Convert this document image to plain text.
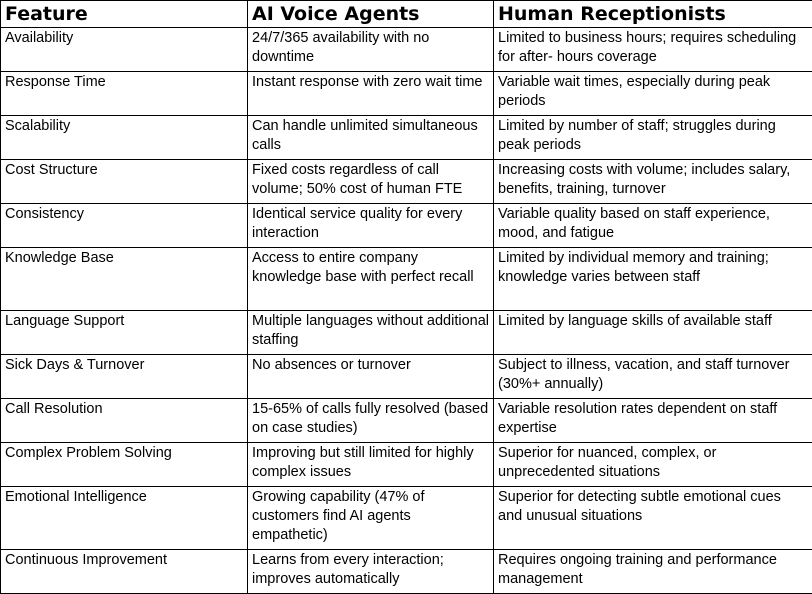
Feature	AI Voice Agents	Human Receptionists
Availability	24/7/365 availability with no downtime	Limited to business hours; requires scheduling for after- hours coverage
Response Time	Instant response with zero wait time	Variable wait times, especially during peak periods
Scalability	Can handle unlimited simultaneous calls	Limited by number of staff; struggles during peak periods
Cost Structure	Fixed costs regardless of call volume; 50% cost of human FTE	Increasing costs with volume; includes salary, benefits, training, turnover
Consistency	Identical service quality for every interaction	Variable quality based on staff experience, mood, and fatigue
Knowledge Base	Access to entire company knowledge base with perfect recall	Limited by individual memory and training; knowledge varies between staff
Language Support	Multiple languages without additional staffing	Limited by language skills of available staff
Sick Days & Turnover	No absences or turnover	Subject to illness, vacation, and staff turnover (30%+ annually)
Call Resolution	15-65% of calls fully resolved (based on case studies)	Variable resolution rates dependent on staff expertise
Complex Problem Solving	Improving but still limited for highly complex issues	Superior for nuanced, complex, or unprecedented situations
Emotional Intelligence	Growing capability (47% of customers find AI agents empathetic)	Superior for detecting subtle emotional cues and unusual situations
Continuous Improvement	Learns from every interaction; improves automatically	Requires ongoing training and performance management
